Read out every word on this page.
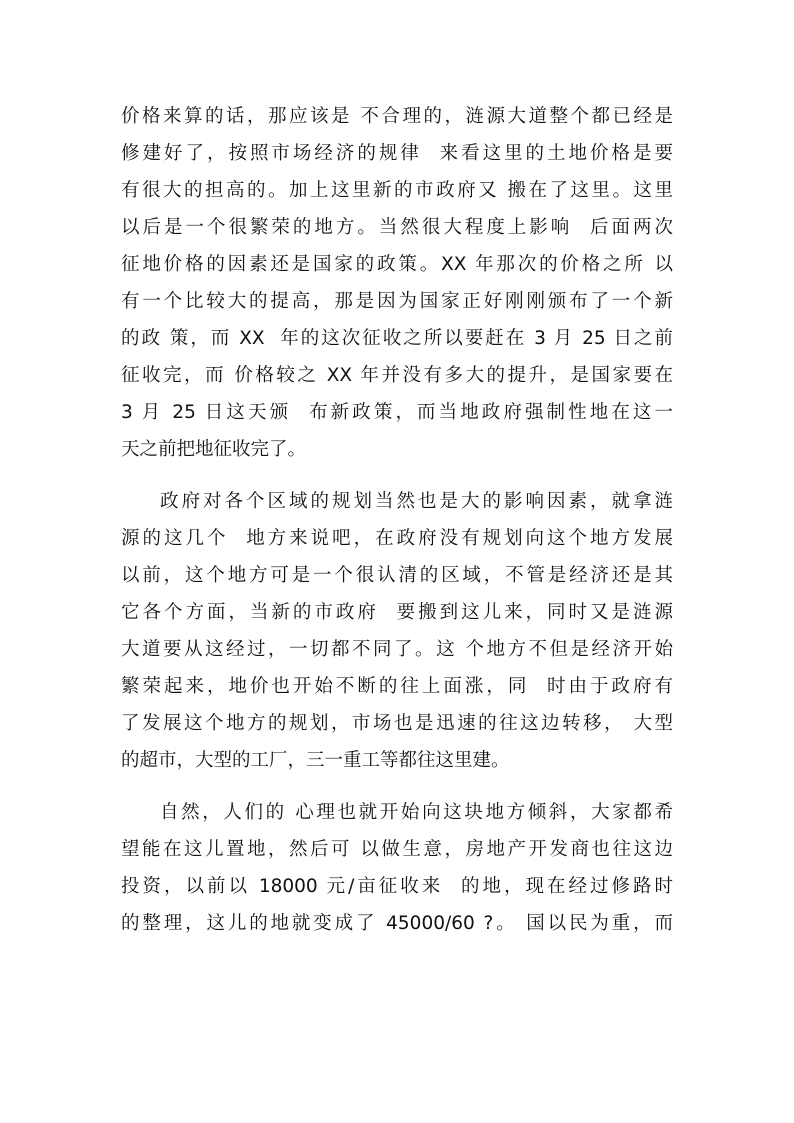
价格来算的话，那应该是 不合理的，涟源大道整个都已经是
修建好了，按照市场经济的规律  来看这里的土地价格是要
有很大的担高的。加上这里新的市政府又 搬在了这里。这里
以后是一个很繁荣的地方。当然很大程度上影响  后面两次
征地价格的因素还是国家的政策。XX 年那次的价格之所 以
有一个比较大的提高，那是因为国家正好刚刚颁布了一个新
的政 策，而 XX  年的这次征收之所以要赶在 3 月 25 日之前
征收完，而 价格较之 XX 年并没有多大的提升，是国家要在
3 月 25 日这天颁  布新政策，而当地政府强制性地在这一
天之前把地征收完了。
政府对各个区域的规划当然也是大的影响因素，就拿涟
源的这几个  地方来说吧，在政府没有规划向这个地方发展
以前，这个地方可是一个很认清的区域，不管是经济还是其
它各个方面，当新的市政府  要搬到这儿来，同时又是涟源
大道要从这经过，一切都不同了。这 个地方不但是经济开始
繁荣起来，地价也开始不断的往上面涨，同  时由于政府有
了发展这个地方的规划，市场也是迅速的往这边转移， 大型
的超市，大型的工厂，三一重工等都往这里建。
自然，人们的 心理也就开始向这块地方倾斜，大家都希
望能在这儿置地，然后可 以做生意，房地产开发商也往这边
投资，以前以 18000 元/亩征收来  的地，现在经过修路时
的整理，这儿的地就变成了 45000/60 ?。 国以民为重，而
